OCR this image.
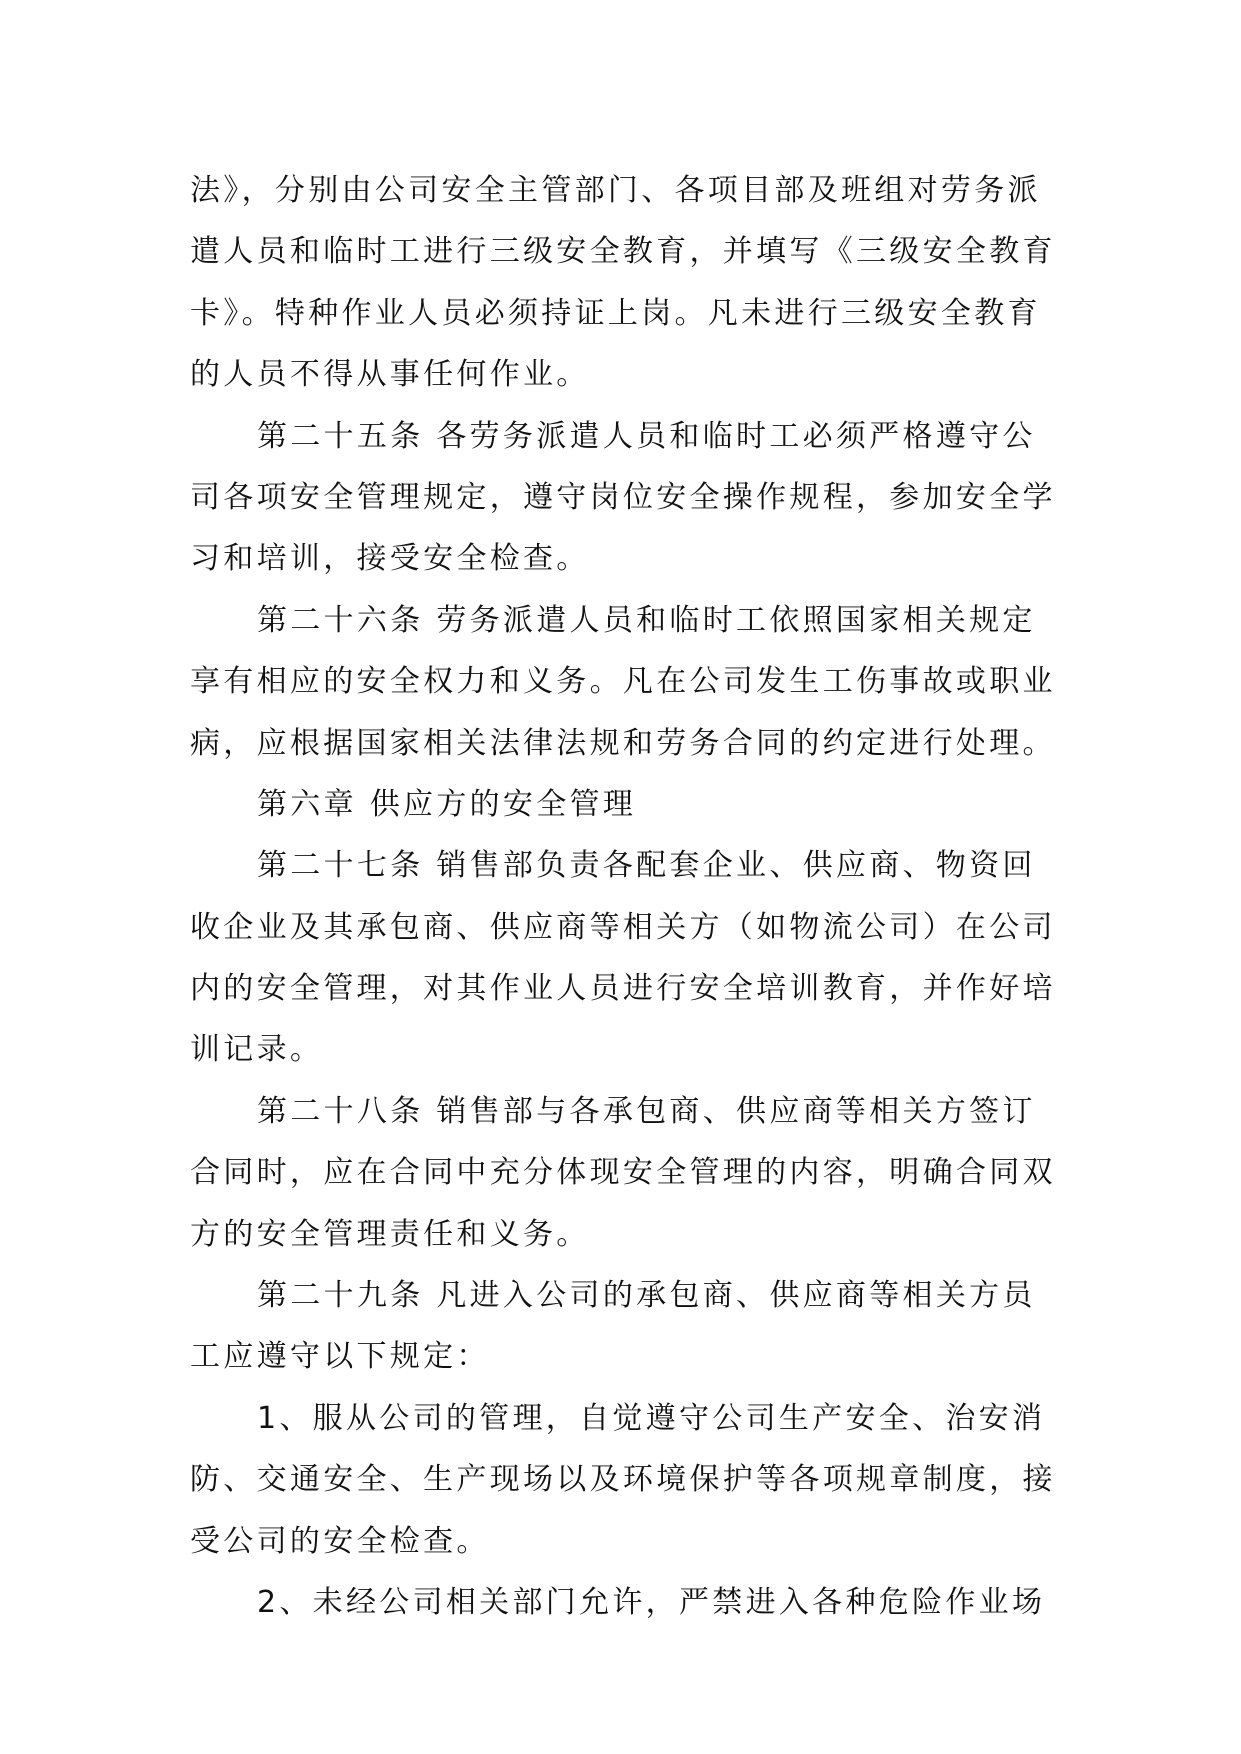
法》，分别由公司安全主管部门、各项目部及班组对劳务派
遣人员和临时工进行三级安全教育，并填写《三级安全教育
卡》。特种作业人员必须持证上岗。凡未进行三级安全教育
的人员不得从事任何作业。
第二十五条 各劳务派遣人员和临时工必须严格遵守公
司各项安全管理规定，遵守岗位安全操作规程，参加安全学
习和培训，接受安全检查。
第二十六条 劳务派遣人员和临时工依照国家相关规定
享有相应的安全权力和义务。凡在公司发生工伤事故或职业
病，应根据国家相关法律法规和劳务合同的约定进行处理。
第六章 供应方的安全管理
第二十七条 销售部负责各配套企业、供应商、物资回
收企业及其承包商、供应商等相关方（如物流公司）在公司
内的安全管理，对其作业人员进行安全培训教育，并作好培
训记录。
第二十八条 销售部与各承包商、供应商等相关方签订
合同时，应在合同中充分体现安全管理的内容，明确合同双
方的安全管理责任和义务。
第二十九条 凡进入公司的承包商、供应商等相关方员
工应遵守以下规定：
1、服从公司的管理，自觉遵守公司生产安全、治安消
防、交通安全、生产现场以及环境保护等各项规章制度，接
受公司的安全检查。
2、未经公司相关部门允许，严禁进入各种危险作业场
